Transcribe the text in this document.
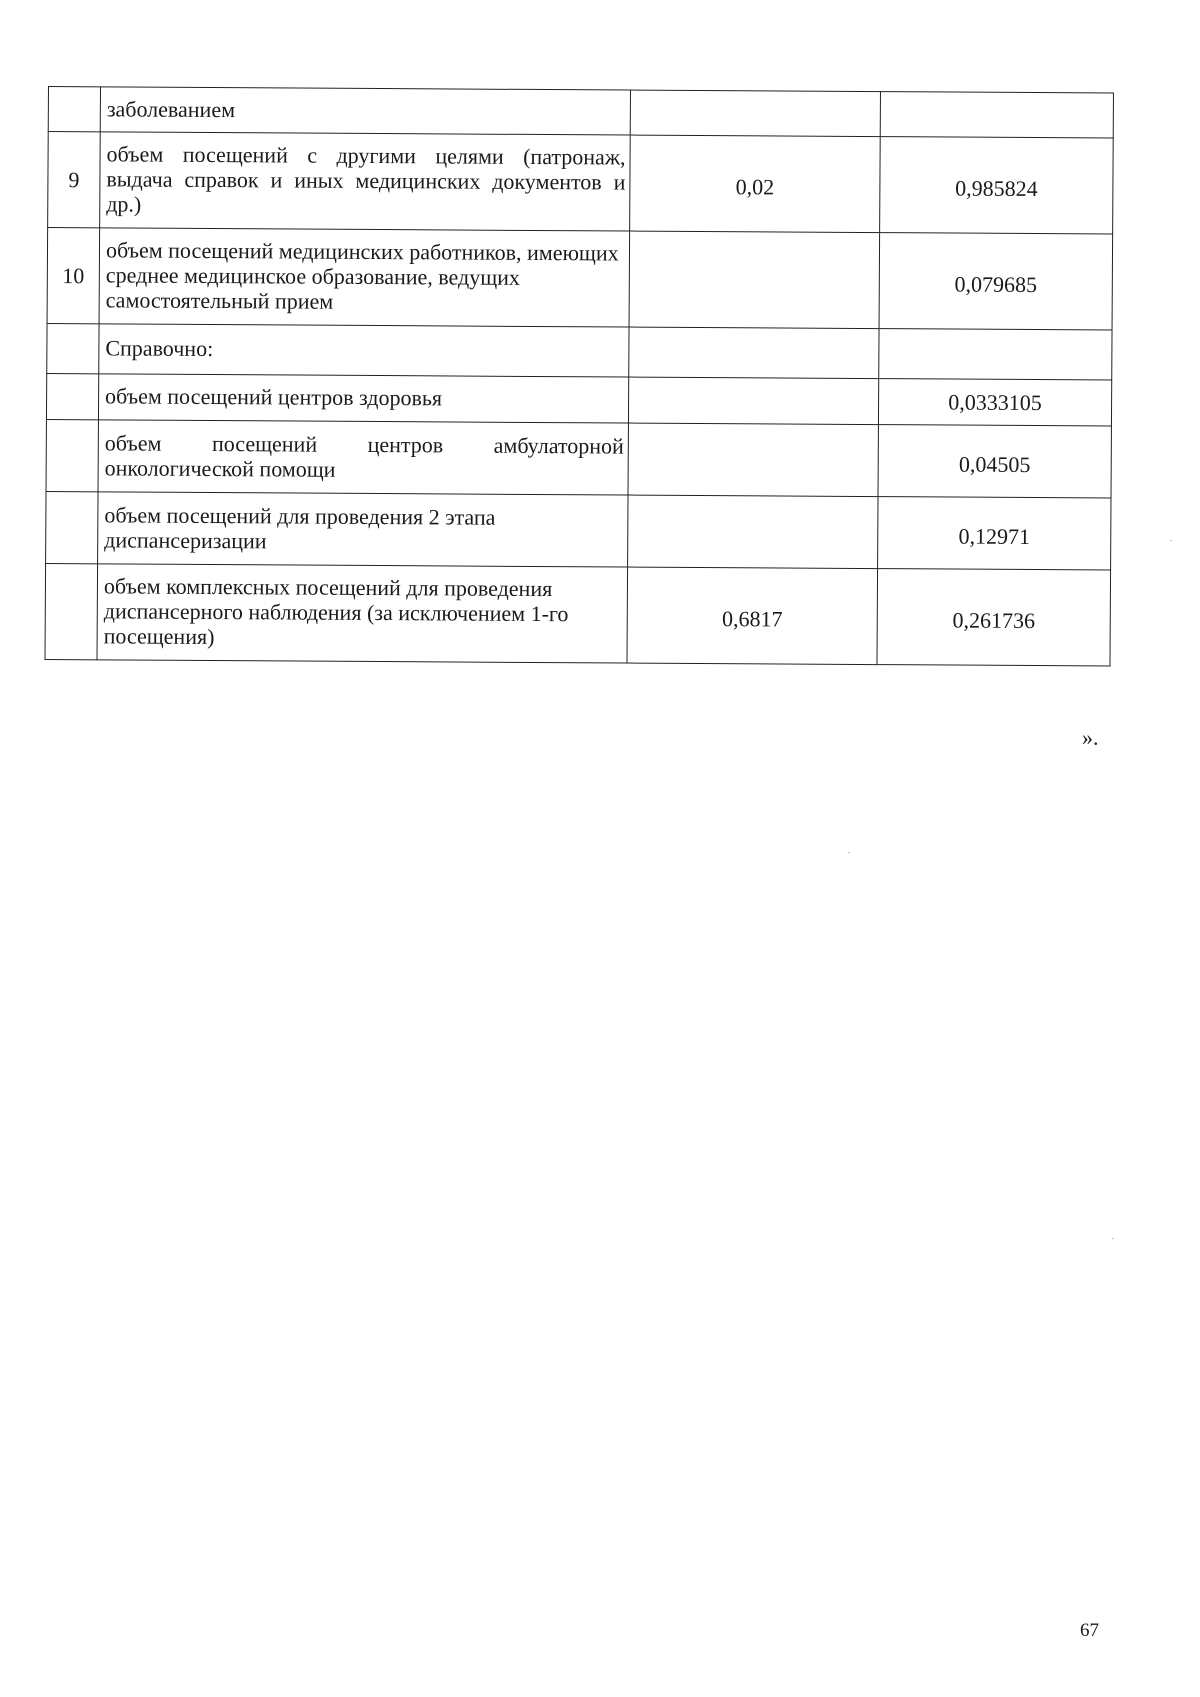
	заболеванием		
9	объем посещений с другими целями (патронаж, выдача справок и иных медицинских документов и др.)	0,02	0,985824
10	объем посещений медицинских работников, имеющих среднее медицинское образование, ведущих самостоятельный прием		0,079685
	Справочно:		
	объем посещений центров здоровья		0,0333105
	объем посещений центров амбулаторной онкологической помощи		0,04505
	объем посещений для проведения 2 этапа диспансеризации		0,12971
	объем комплексных посещений для проведения диспансерного наблюдения (за исключением 1-го посещения)	0,6817	0,261736
».
67
